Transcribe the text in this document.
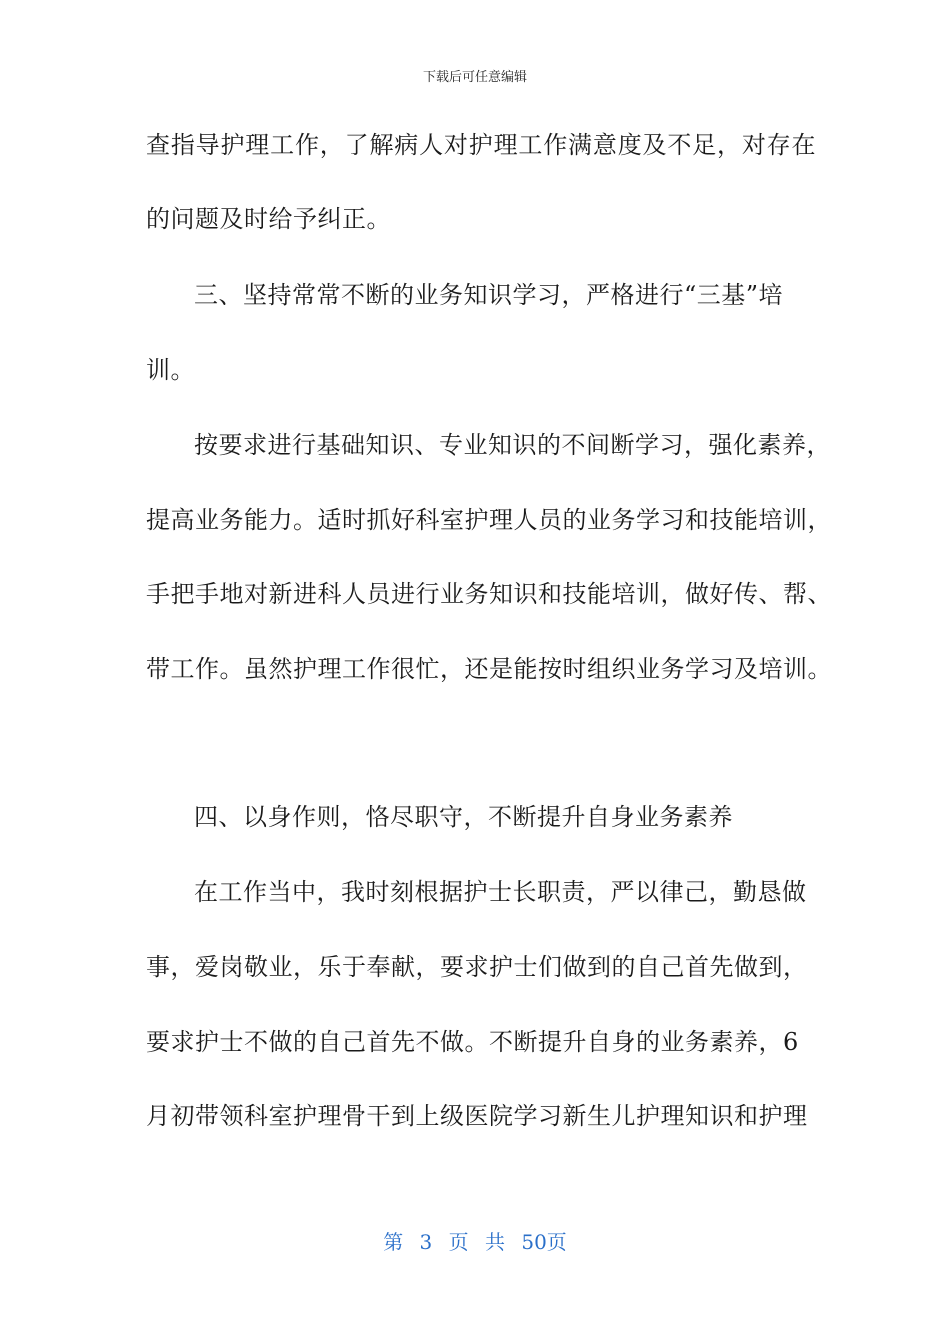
下载后可任意编辑
查指导护理工作，了解病人对护理工作满意度及不足，对存在
的问题及时给予纠正。
三、坚持常常不断的业务知识学习，严格进行“三基”培
训。
按要求进行基础知识、专业知识的不间断学习，强化素养，
提高业务能力。适时抓好科室护理人员的业务学习和技能培训，
手把手地对新进科人员进行业务知识和技能培训，做好传、帮、
带工作。虽然护理工作很忙，还是能按时组织业务学习及培训。
四、以身作则，恪尽职守，不断提升自身业务素养
在工作当中，我时刻根据护士长职责，严以律己，勤恳做
事，爱岗敬业，乐于奉献，要求护士们做到的自己首先做到，
要求护士不做的自己首先不做。不断提升自身的业务素养，6
月初带领科室护理骨干到上级医院学习新生儿护理知识和护理
第 3 页 共 50页
